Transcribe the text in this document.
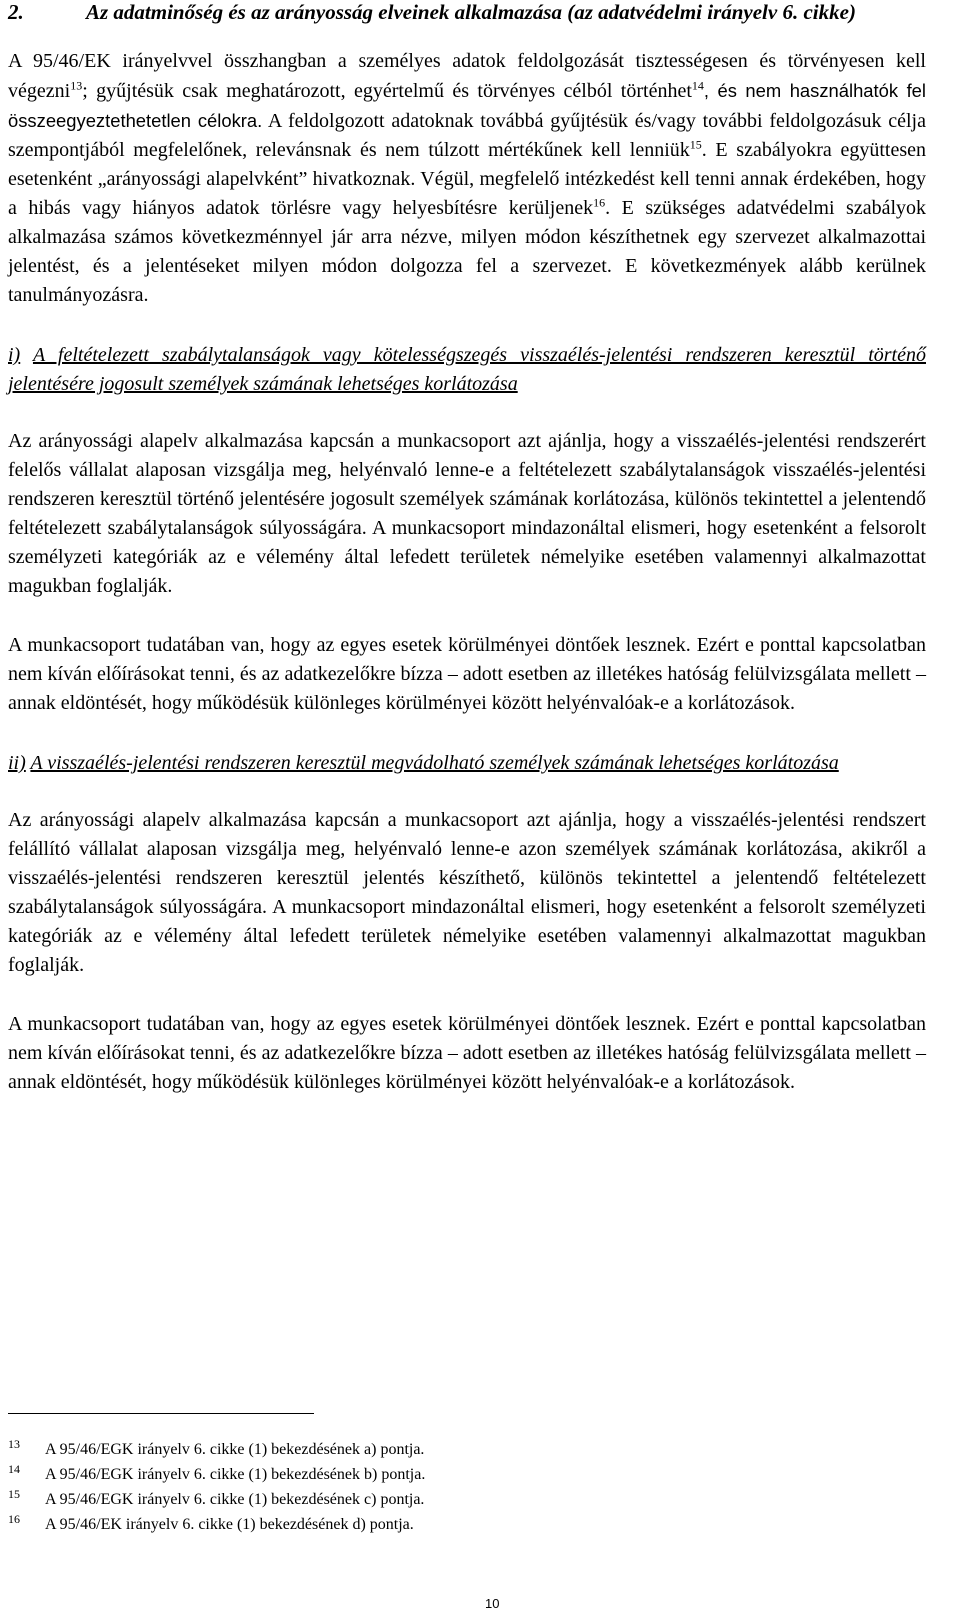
2.	Az adatminőség és az arányosság elveinek alkalmazása (az adatvédelmi irányelv 6. cikke)

A 95/46/EK irányelvvel összhangban a személyes adatok feldolgozását tisztességesen és törvényesen kell végezni$^{13}$; gyűjtésük csak meghatározott, egyértelmű és törvényes célból történhet$^{14}$, és nem használhatók fel összeegyeztethetetlen célokra. A feldolgozott adatoknak továbbá gyűjtésük és/vagy további feldolgozásuk célja szempontjából megfelelőnek, relevánsnak és nem túlzott mértékűnek kell lenniük$^{15}$. E szabályokra együttesen esetenként „arányossági alapelvként” hivatkoznak. Végül, megfelelő intézkedést kell tenni annak érdekében, hogy a hibás vagy hiányos adatok törlésre vagy helyesbítésre kerüljenek$^{16}$. E szükséges adatvédelmi szabályok alkalmazása számos következménnyel jár arra nézve, milyen módon készíthetnek egy szervezet alkalmazottai jelentést, és a jelentéseket milyen módon dolgozza fel a szervezet. E következmények alább kerülnek tanulmányozásra.

i) A feltételezett szabálytalanságok vagy kötelességszegés visszaélés-jelentési rendszeren keresztül történő jelentésére jogosult személyek számának lehetséges korlátozása

Az arányossági alapelv alkalmazása kapcsán a munkacsoport azt ajánlja, hogy a visszaélés-jelentési rendszerért felelős vállalat alaposan vizsgálja meg, helyénvaló lenne-e a feltételezett szabálytalanságok visszaélés-jelentési rendszeren keresztül történő jelentésére jogosult személyek számának korlátozása, különös tekintettel a jelentendő feltételezett szabálytalanságok súlyosságára. A munkacsoport mindazonáltal elismeri, hogy esetenként a felsorolt személyzeti kategóriák az e vélemény által lefedett területek némelyike esetében valamennyi alkalmazottat magukban foglalják.

A munkacsoport tudatában van, hogy az egyes esetek körülményei döntőek lesznek. Ezért e ponttal kapcsolatban nem kíván előírásokat tenni, és az adatkezelőkre bízza – adott esetben az illetékes hatóság felülvizsgálata mellett – annak eldöntését, hogy működésük különleges körülményei között helyénvalóak-e a korlátozások.

ii) A visszaélés-jelentési rendszeren keresztül megvádolható személyek számának lehetséges korlátozása

Az arányossági alapelv alkalmazása kapcsán a munkacsoport azt ajánlja, hogy a visszaélés-jelentési rendszert felállító vállalat alaposan vizsgálja meg, helyénvaló lenne-e azon személyek számának korlátozása, akikről a visszaélés-jelentési rendszeren keresztül jelentés készíthető, különös tekintettel a jelentendő feltételezett szabálytalanságok súlyosságára. A munkacsoport mindazonáltal elismeri, hogy esetenként a felsorolt személyzeti kategóriák az e vélemény által lefedett területek némelyike esetében valamennyi alkalmazottat magukban foglalják.

A munkacsoport tudatában van, hogy az egyes esetek körülményei döntőek lesznek. Ezért e ponttal kapcsolatban nem kíván előírásokat tenni, és az adatkezelőkre bízza – adott esetben az illetékes hatóság felülvizsgálata mellett – annak eldöntését, hogy működésük különleges körülményei között helyénvalóak-e a korlátozások.

13 A 95/46/EGK irányelv 6. cikke (1) bekezdésének a) pontja.
14 A 95/46/EGK irányelv 6. cikke (1) bekezdésének b) pontja.
15 A 95/46/EGK irányelv 6. cikke (1) bekezdésének c) pontja.
16 A 95/46/EK irányelv 6. cikke (1) bekezdésének d) pontja.
10
